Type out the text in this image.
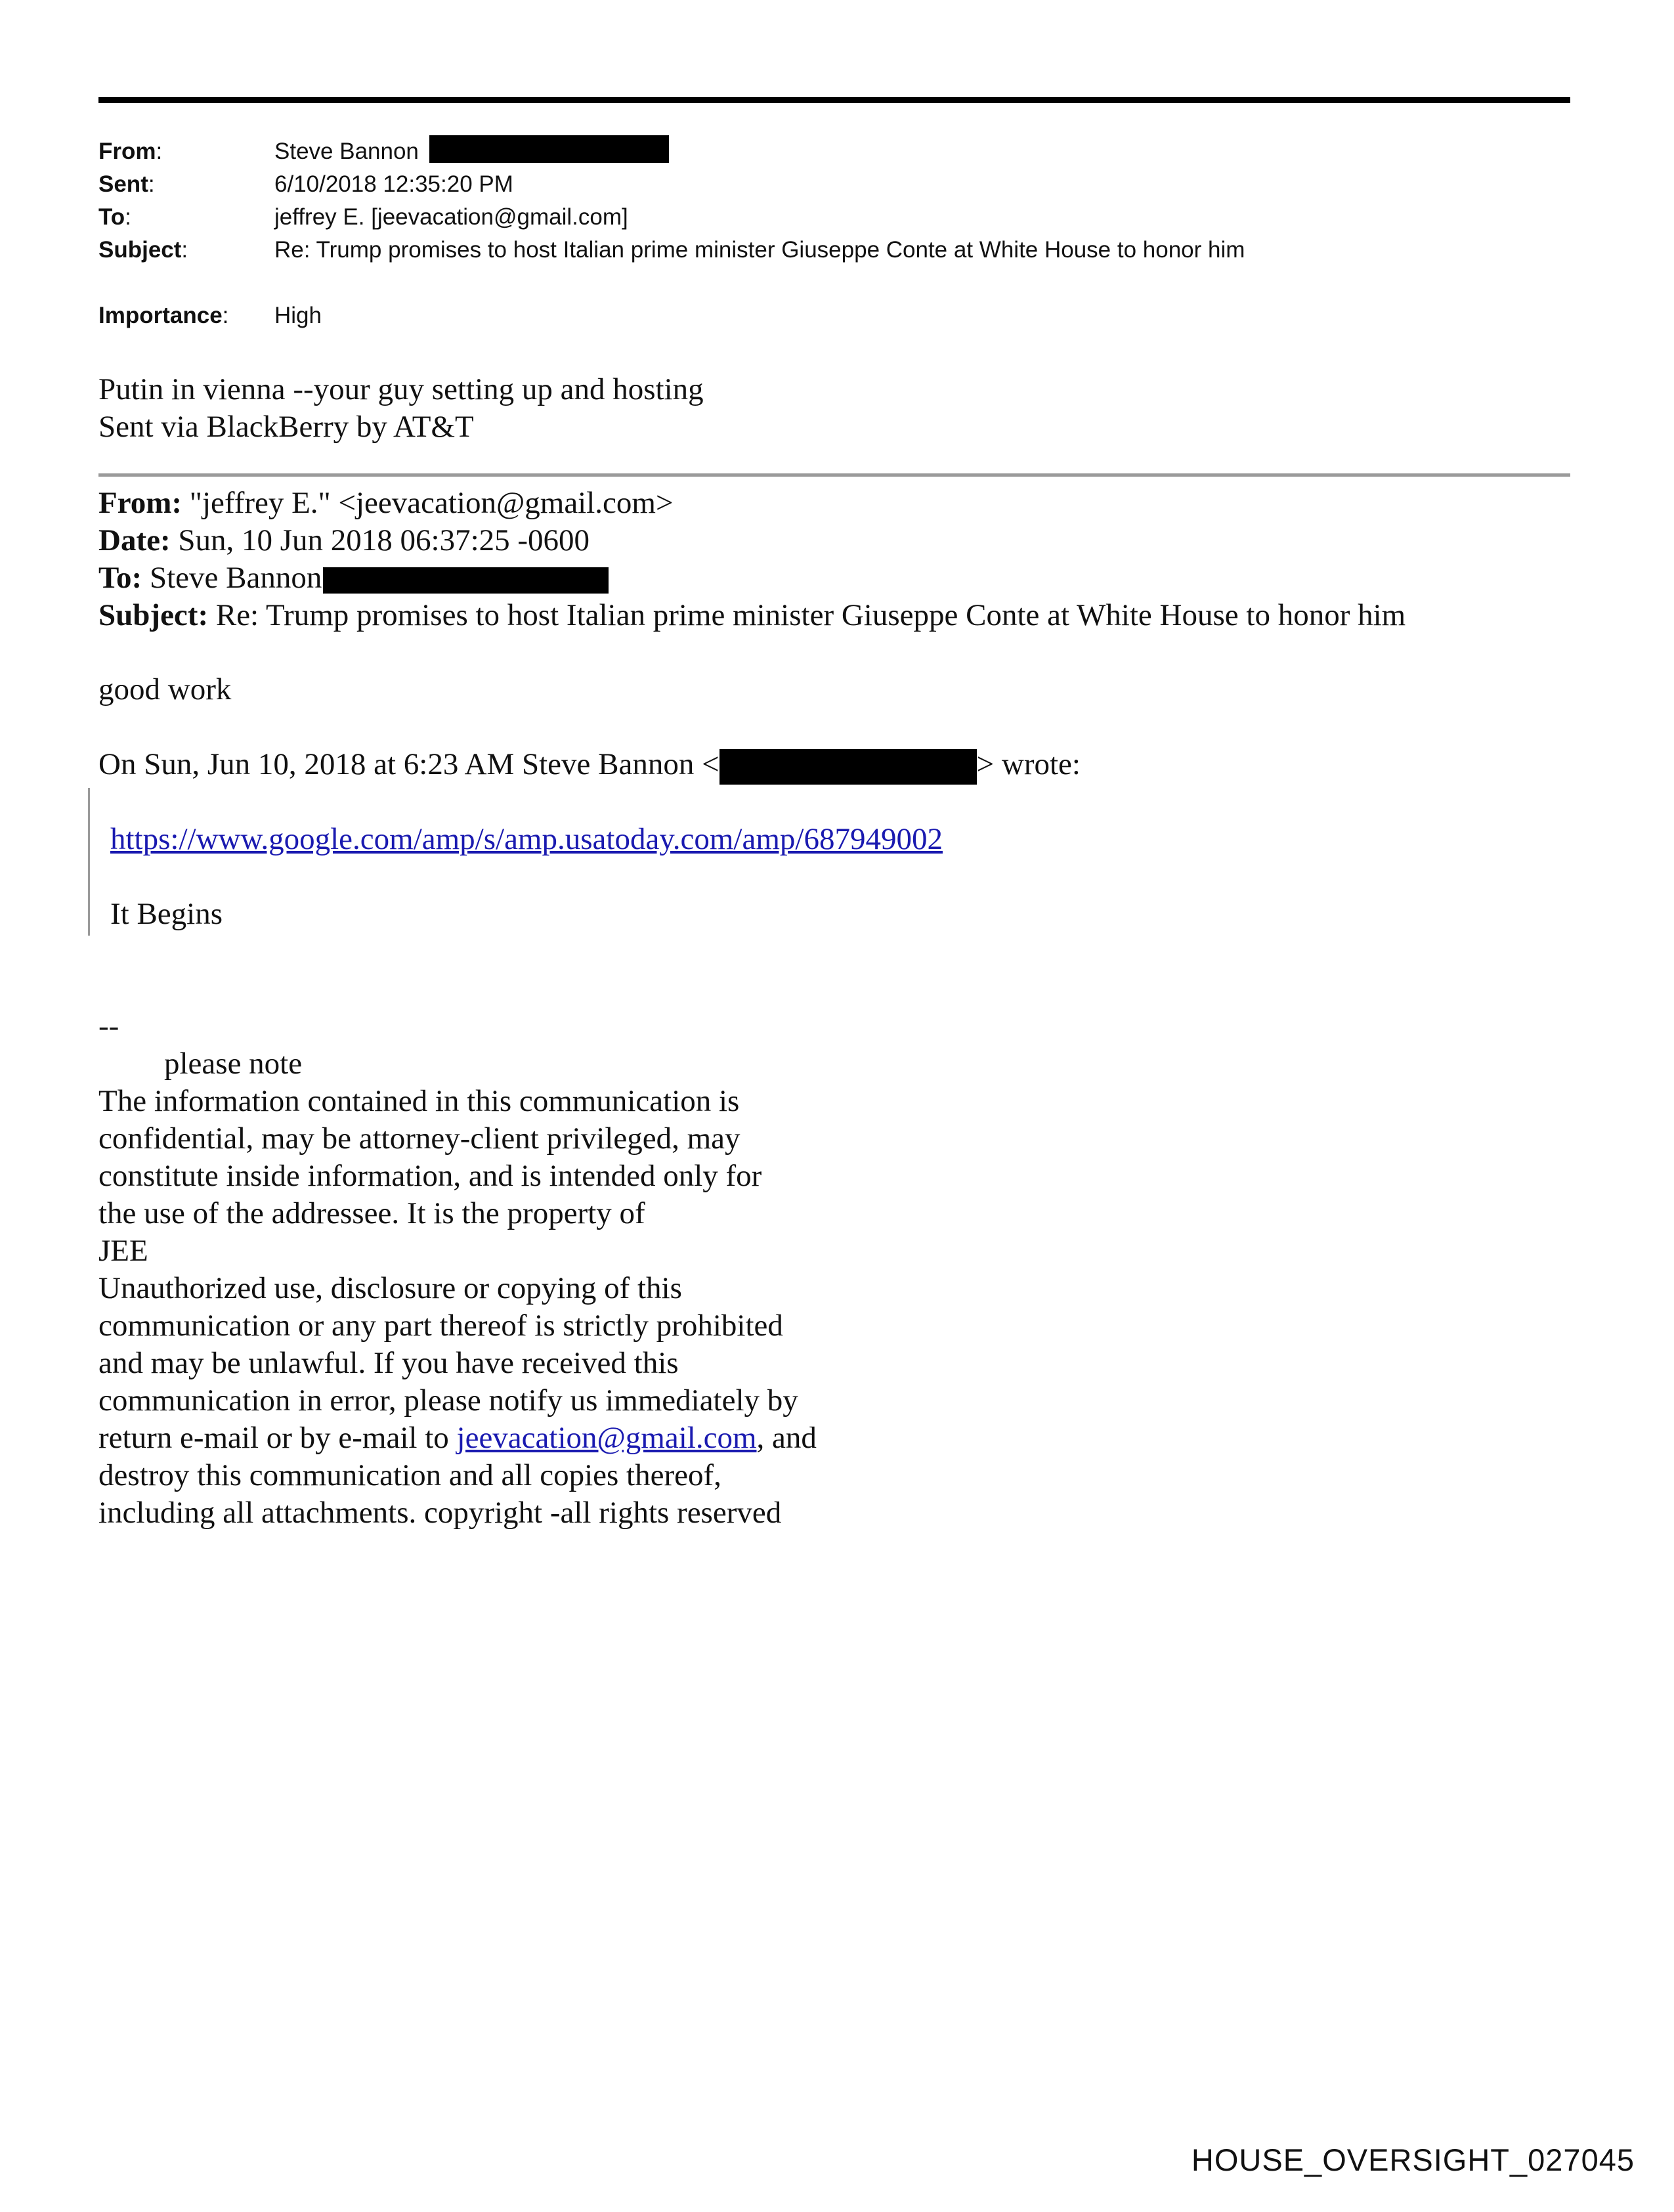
From:	Steve Bannon
Sent:	6/10/2018 12:35:20 PM
To:	jeffrey E. [jeevacation@gmail.com]
Subject:	Re: Trump promises to host Italian prime minister Giuseppe Conte at White House to honor him
Importance:	High
Putin in vienna --your guy setting up and hosting
Sent via BlackBerry by AT&T
From: "jeffrey E." <jeevacation@gmail.com>
Date: Sun, 10 Jun 2018 06:37:25 -0600
To: Steve Bannon
Subject: Re: Trump promises to host Italian prime minister Giuseppe Conte at White House to honor him
good work
On Sun, Jun 10, 2018 at 6:23 AM Steve Bannon <	> wrote:
https://www.google.com/amp/s/amp.usatoday.com/amp/687949002
It Begins
--
please note
The information contained in this communication is
confidential, may be attorney-client privileged, may
constitute inside information, and is intended only for
the use of the addressee. It is the property of
JEE
Unauthorized use, disclosure or copying of this
communication or any part thereof is strictly prohibited
and may be unlawful. If you have received this
communication in error, please notify us immediately by
return e-mail or by e-mail to jeevacation@gmail.com, and
destroy this communication and all copies thereof,
including all attachments. copyright -all rights reserved
HOUSE_OVERSIGHT_027045
